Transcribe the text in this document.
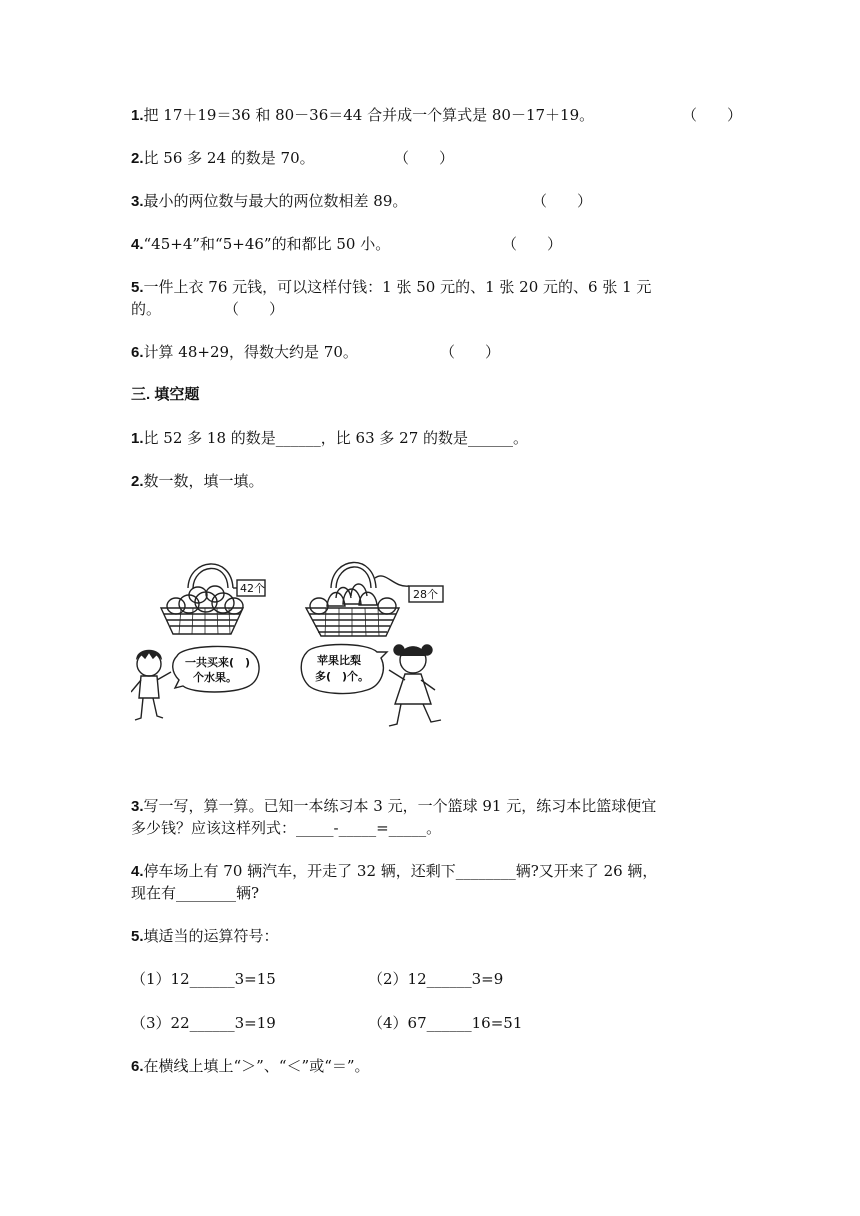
1.把 17＋19＝36 和 80－36＝44 合并成一个算式是 80－17＋19。	（　　）
2.比 56 多 24 的数是 70。	（　　）
3.最小的两位数与最大的两位数相差 89。	（　　）
4.“45+4”和“5+46”的和都比 50 小。	（　　）
5.一件上衣 76 元钱，可以这样付钱：1 张 50 元的、1 张 20 元的、6 张 1 元
的。	（　　）
6.计算 48+29，得数大约是 70。	（　　）
三. 填空题
1.比 52 多 18 的数是______，比 63 多 27 的数是______。
2.数一数，填一填。
42个	28个
一共买来(　)
个水果。
苹果比梨
多(　)个。
3.写一写，算一算。已知一本练习本 3 元，一个篮球 91 元，练习本比篮球便宜
多少钱？应该这样列式：_____-_____=_____。
4.停车场上有 70 辆汽车，开走了 32 辆，还剩下________辆?又开来了 26 辆，
现在有________辆?
5.填适当的运算符号：
（1）12______3=15	（2）12______3=9
（3）22______3=19	（4）67______16=51
6.在横线上填上“＞”、“＜”或“＝”。
